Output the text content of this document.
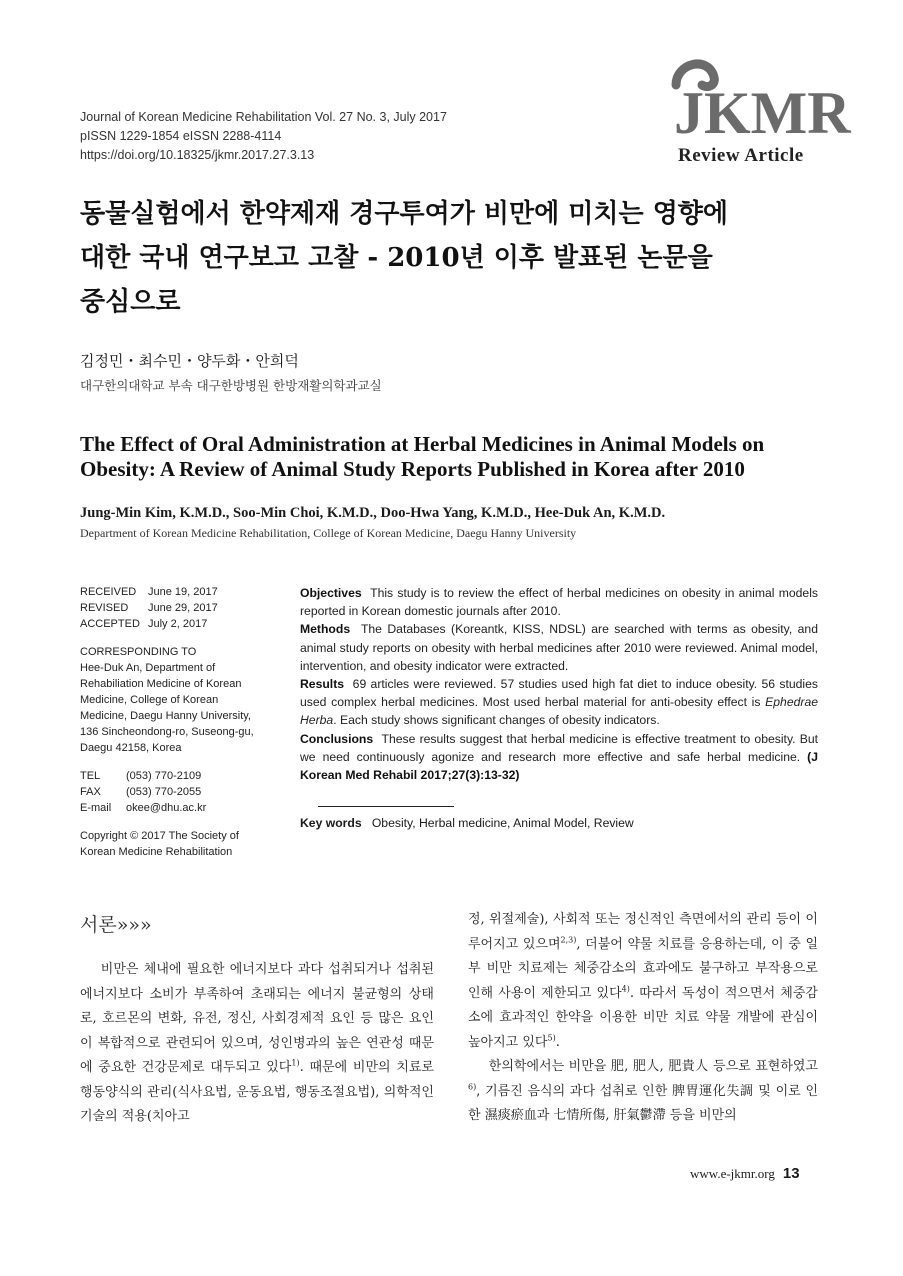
Journal of Korean Medicine Rehabilitation Vol. 27 No. 3, July 2017
pISSN 1229-1854 eISSN 2288-4114
https://doi.org/10.18325/jkmr.2017.27.3.13
JKMR
Review Article
동물실험에서 한약제재 경구투여가 비만에 미치는 영향에
대한 국내 연구보고 고찰 - 2010년 이후 발표된 논문을
중심으로
김정민・최수민・양두화・안희덕
대구한의대학교 부속 대구한방병원 한방재활의학과교실
The Effect of Oral Administration at Herbal Medicines in Animal Models on
Obesity: A Review of Animal Study Reports Published in Korea after 2010
Jung-Min Kim, K.M.D., Soo-Min Choi, K.M.D., Doo-Hwa Yang, K.M.D., Hee-Duk An, K.M.D.
Department of Korean Medicine Rehabilitation, College of Korean Medicine, Daegu Hanny University
RECEIVED	June 19, 2017
REVISED	June 29, 2017
ACCEPTED July 2, 2017
CORRESPONDING TO
Hee-Duk An, Department of
Rehabiliation Medicine of Korean
Medicine, College of Korean
Medicine, Daegu Hanny University,
136 Sincheondong-ro, Suseong-gu,
Daegu 42158, Korea
TEL	(053) 770-2109
FAX	(053) 770-2055
E-mail	okee@dhu.ac.kr
Copyright © 2017 The Society of
Korean Medicine Rehabilitation
Objectives This study is to review the effect of herbal medicines on obesity in animal models reported in Korean domestic journals after 2010.
Methods The Databases (Koreantk, KISS, NDSL) are searched with terms as obesity, and animal study reports on obesity with herbal medicines after 2010 were reviewed. Animal model, intervention, and obesity indicator were extracted.
Results 69 articles were reviewed. 57 studies used high fat diet to induce obesity. 56 studies used complex herbal medicines. Most used herbal material for anti-obesity effect is Ephedrae Herba. Each study shows significant changes of obesity indicators.
Conclusions These results suggest that herbal medicine is effective treatment to obesity. But we need continuously agonize and research more effective and safe herbal medicine. (J Korean Med Rehabil 2017;27(3):13-32)
Key words Obesity, Herbal medicine, Animal Model, Review
서론»»»
비만은 체내에 필요한 에너지보다 과다 섭취되거나 섭취된 에너지보다 소비가 부족하여 초래되는 에너지 불균형의 상태로, 호르몬의 변화, 유전, 정신, 사회경제적 요인 등 많은 요인이 복합적으로 관련되어 있으며, 성인병과의 높은 연관성 때문에 중요한 건강문제로 대두되고 있다$^{1)}$. 때문에 비만의 치료로 행동양식의 관리(식사요법, 운동요법, 행동조절요법), 의학적인 기술의 적용(치아고
정, 위절제술), 사회적 또는 정신적인 측면에서의 관리 등이 이루어지고 있으며$^{2,3)}$, 더불어 약물 치료를 응용하는데, 이 중 일부 비만 치료제는 체중감소의 효과에도 불구하고 부작용으로 인해 사용이 제한되고 있다$^{4)}$. 따라서 독성이 적으면서 체중감소에 효과적인 한약을 이용한 비만 치료 약물 개발에 관심이 높아지고 있다$^{5)}$.
한의학에서는 비만을 肥, 肥人, 肥貴人 등으로 표현하였고$^{6)}$, 기름진 음식의 과다 섭취로 인한 脾胃運化失調 및 이로 인한 濕痰瘀血과 七情所傷, 肝氣鬱滯 등을 비만의
www.e-jkmr.org 13
